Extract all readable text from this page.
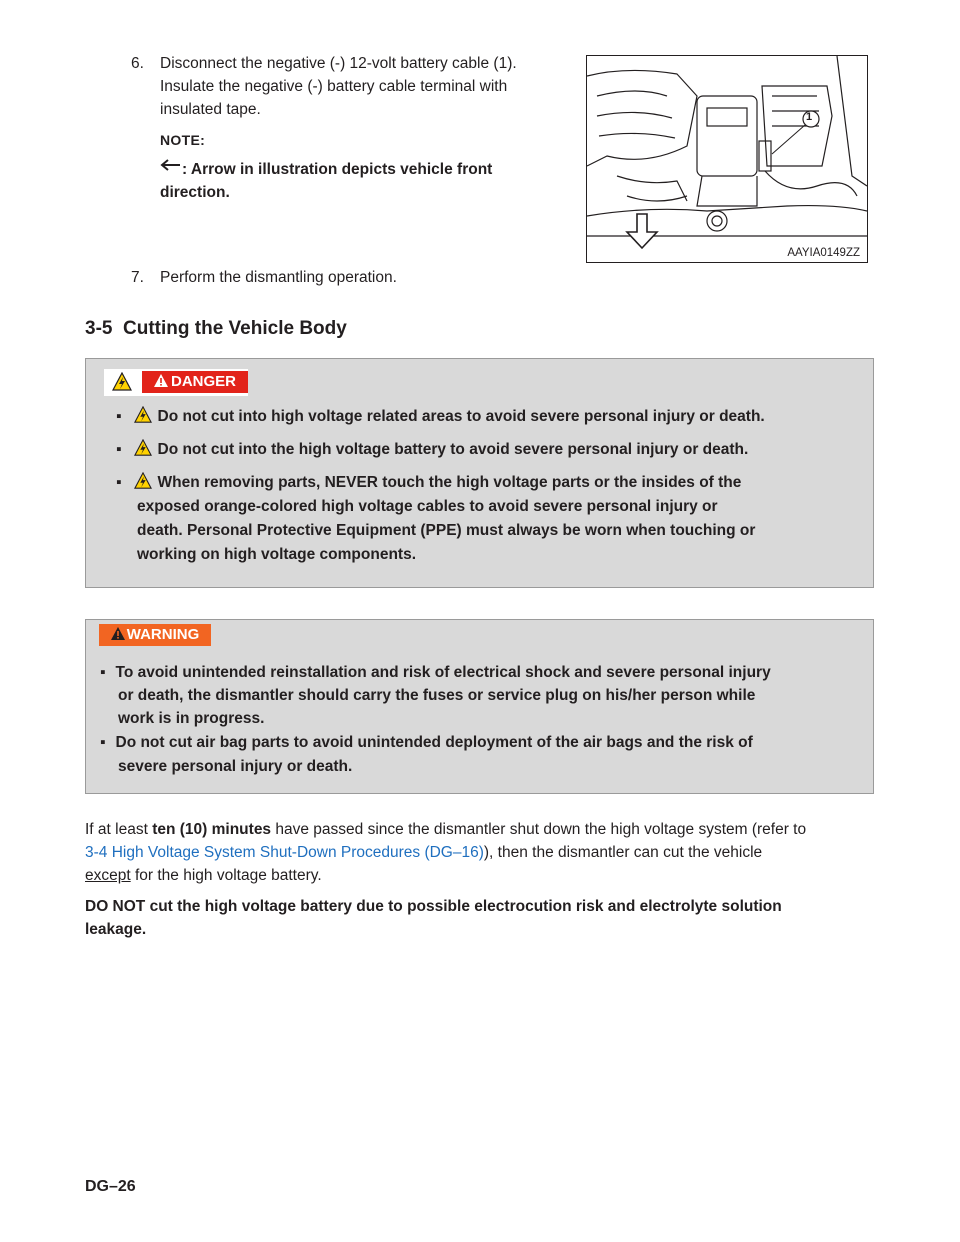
6. Disconnect the negative (-) 12-volt battery cable (1).
Insulate the negative (-) battery cable terminal with
insulated tape.
NOTE:
: Arrow in illustration depicts vehicle front
direction.
1
AAYIA0149ZZ
7. Perform the dismantling operation.
3-5 Cutting the Vehicle Body
DANGER
▪ Do not cut into high voltage related areas to avoid severe personal injury or death.
▪ Do not cut into the high voltage battery to avoid severe personal injury or death.
▪ When removing parts, NEVER touch the high voltage parts or the insides of the
exposed orange-colored high voltage cables to avoid severe personal injury or
death. Personal Protective Equipment (PPE) must always be worn when touching or
working on high voltage components.
WARNING
▪ To avoid unintended reinstallation and risk of electrical shock and severe personal injury
or death, the dismantler should carry the fuses or service plug on his/her person while
work is in progress.
▪ Do not cut air bag parts to avoid unintended deployment of the air bags and the risk of
severe personal injury or death.
If at least ten (10) minutes have passed since the dismantler shut down the high voltage system (refer to
3-4 High Voltage System Shut-Down Procedures (DG–16)), then the dismantler can cut the vehicle
except for the high voltage battery.
DO NOT cut the high voltage battery due to possible electrocution risk and electrolyte solution
leakage.
DG–26
